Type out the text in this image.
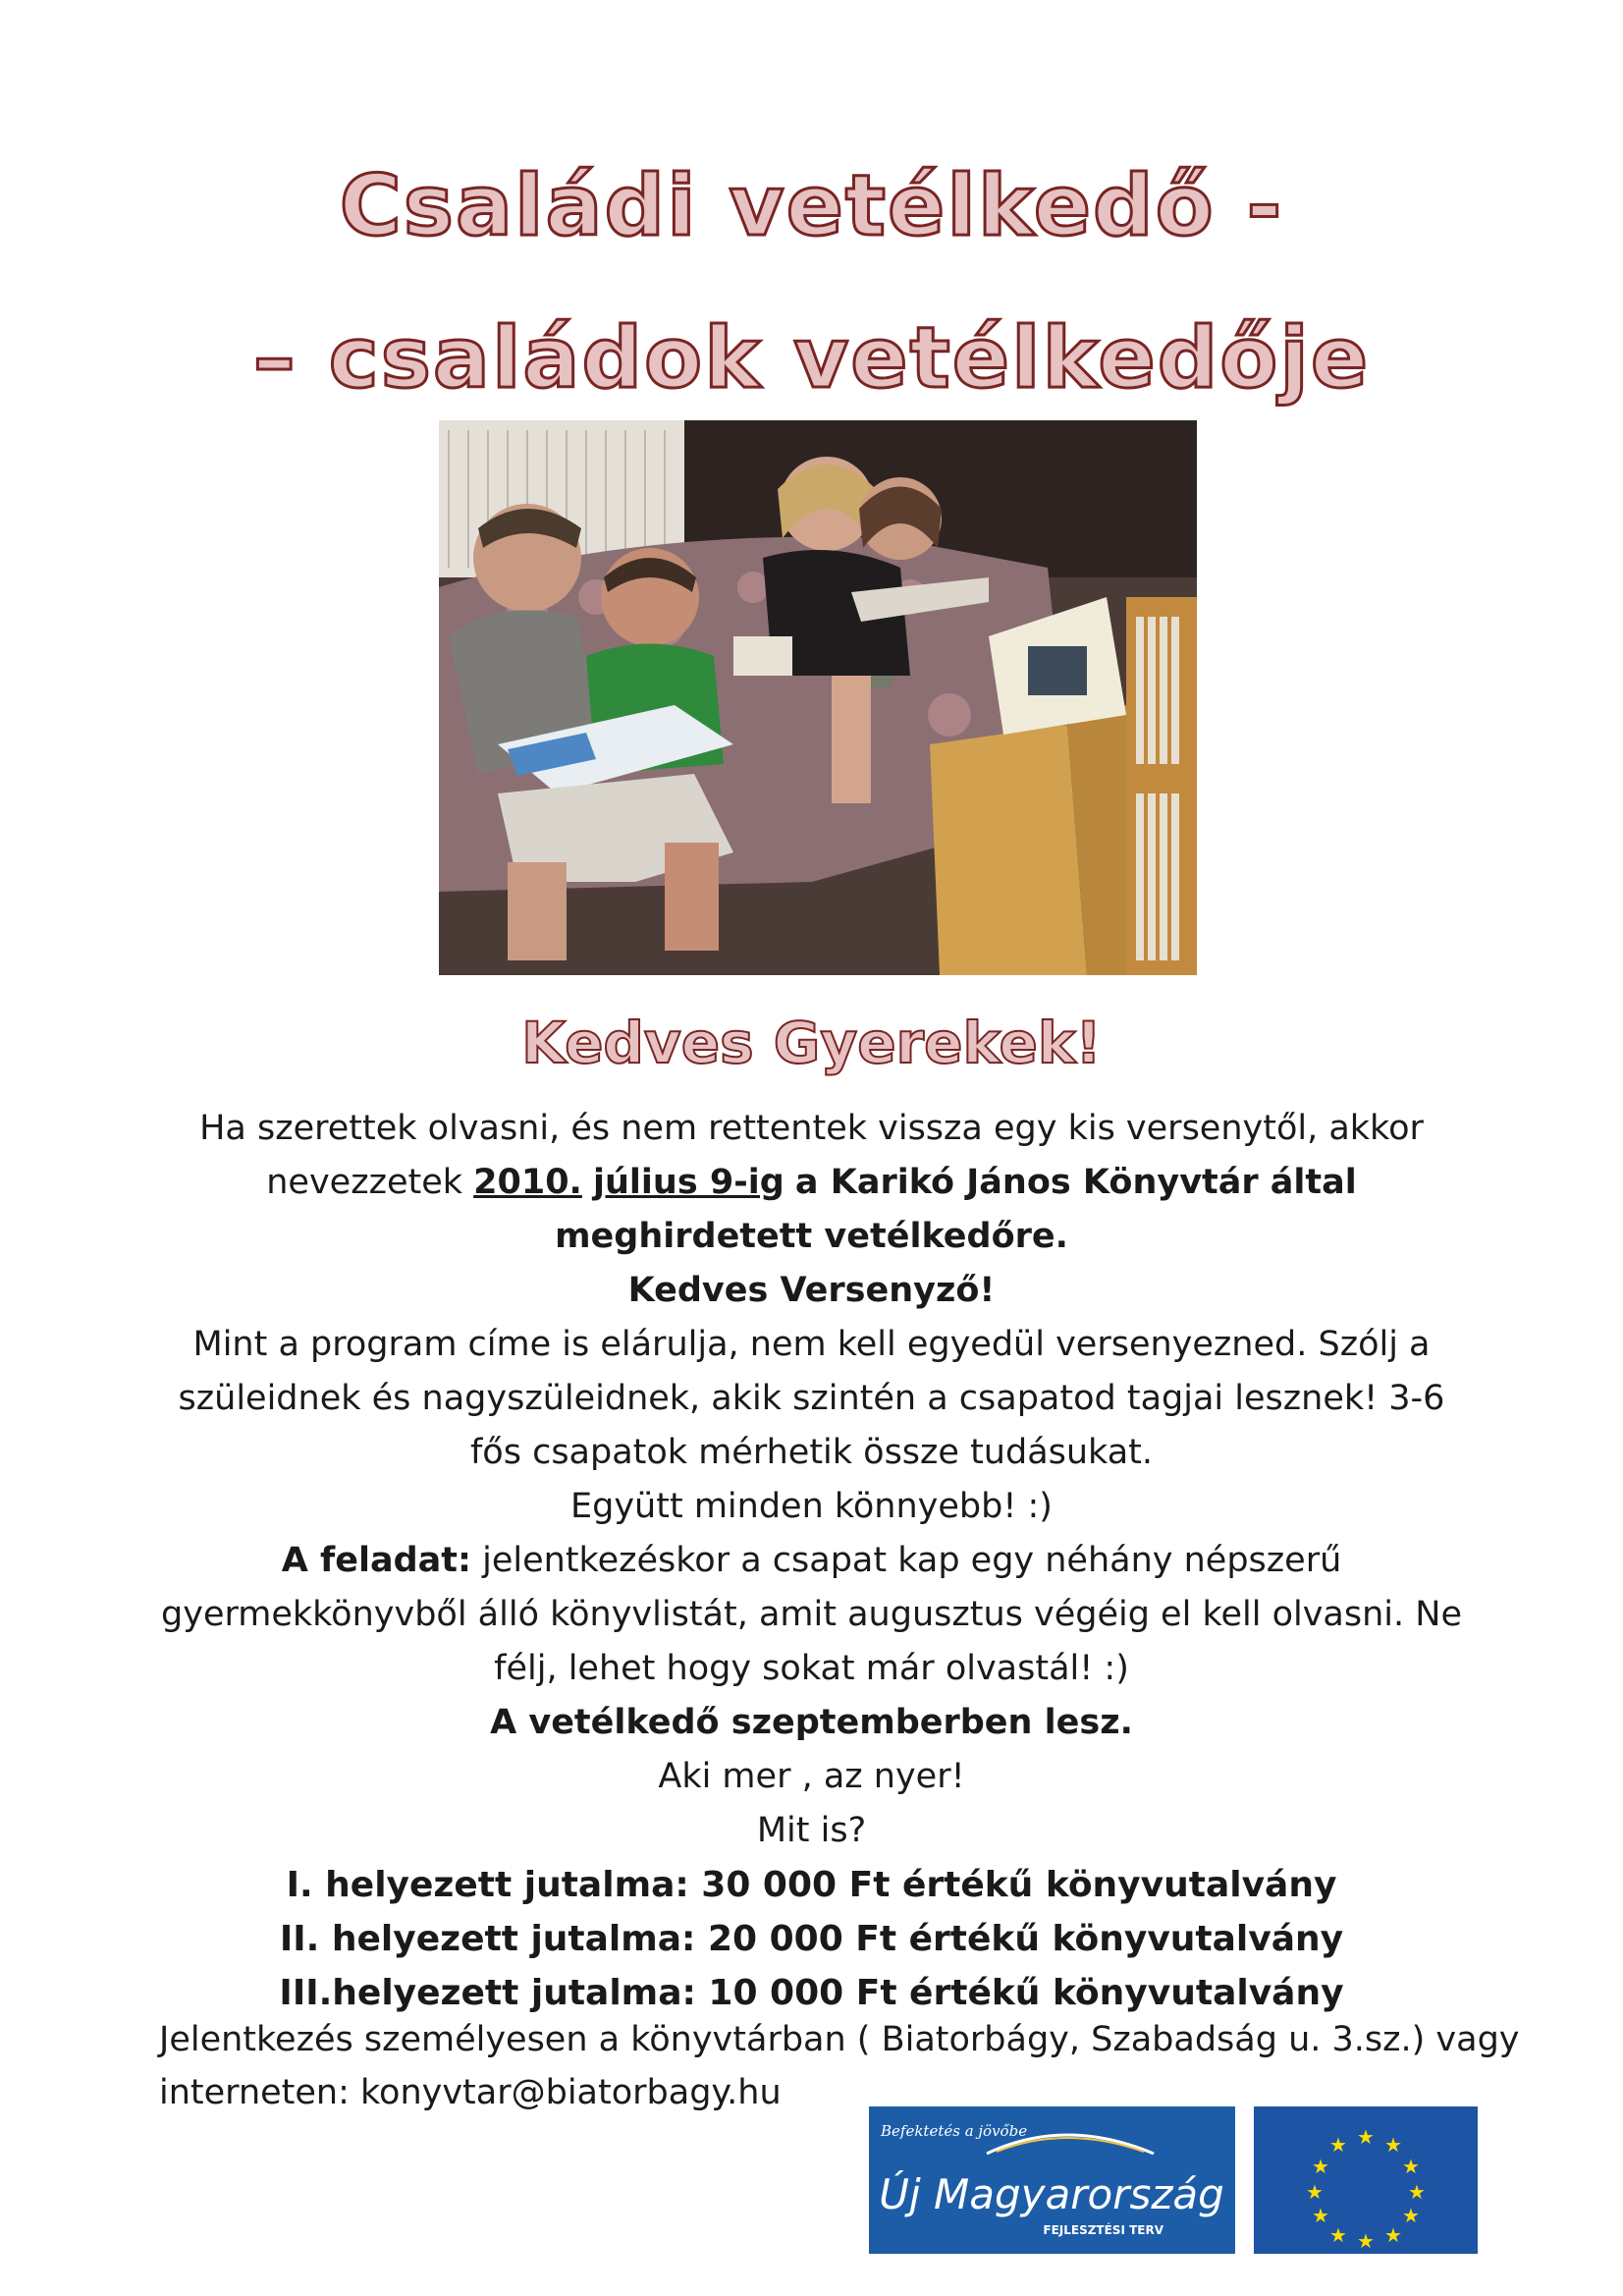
Családi vetélkedő -
– családok vetélkedője
Kedves Gyerekek!
Ha szerettek olvasni, és nem rettentek vissza egy kis versenytől, akkor
nevezzetek 2010. július 9-ig a Karikó János Könyvtár által
meghirdetett vetélkedőre.
Kedves Versenyző!
Mint a program címe is elárulja, nem kell egyedül versenyezned. Szólj a
szüleidnek és nagyszüleidnek, akik szintén a csapatod tagjai lesznek! 3-6
fős csapatok mérhetik össze tudásukat.
Együtt minden könnyebb! :)
A feladat: jelentkezéskor a csapat kap egy néhány népszerű
gyermekkönyvből álló könyvlistát, amit augusztus végéig el kell olvasni. Ne
félj, lehet hogy sokat már olvastál! :)
A vetélkedő szeptemberben lesz.
Aki mer , az nyer!
Mit is?
I. helyezett jutalma: 30 000 Ft értékű könyvutalvány
II. helyezett jutalma: 20 000 Ft értékű könyvutalvány
III.helyezett jutalma: 10 000 Ft értékű könyvutalvány
Jelentkezés személyesen a könyvtárban ( Biatorbágy, Szabadság u. 3.sz.) vagy
interneten: konyvtar@biatorbagy.hu
Befektetés a jövőbe
Új Magyarország
FEJLESZTÉSI TERV
★ ★
★
★
★
★
★
★
★
★
★
★
